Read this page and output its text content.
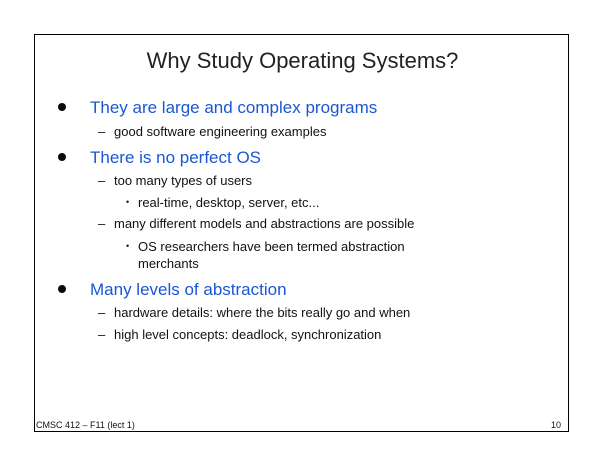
Why Study Operating Systems?
They are large and complex programs
– good software engineering examples
There is no perfect OS
– too many types of users
• real-time, desktop, server, etc...
– many different models and abstractions are possible
• OS researchers have been termed abstraction merchants
Many levels of abstraction
– hardware details: where the bits really go and when
– high level concepts: deadlock, synchronization
CMSC 412 – F11 (lect 1)	10
